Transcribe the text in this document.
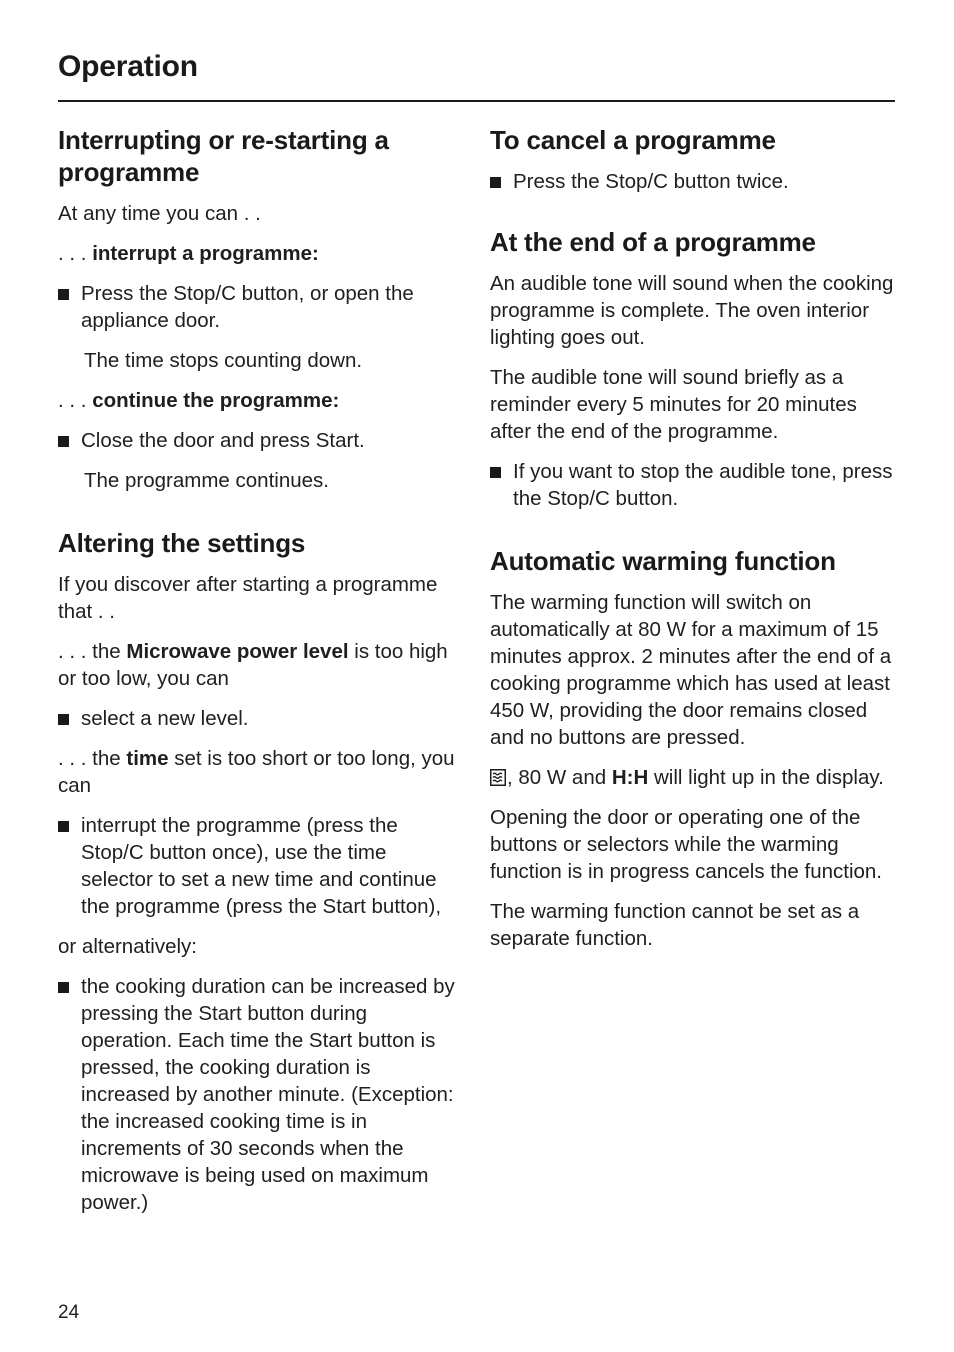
Operation
Interrupting or re-starting a programme

At any time you can . .

. . . interrupt a programme:

Press the Stop/C button, or open the appliance door.

The time stops counting down.

. . . continue the programme:

Close the door and press Start.

The programme continues.

Altering the settings

If you discover after starting a programme that . .

. . . the Microwave power level is too high or too low, you can

select a new level.

. . . the time set is too short or too long, you can

interrupt the programme (press the Stop/C button once), use the time selector to set a new time and continue the programme (press the Start button),

or alternatively:

the cooking duration can be increased by pressing the Start button during operation. Each time the Start button is pressed, the cooking duration is increased by another minute. (Exception: the increased cooking time is in increments of 30 seconds when the microwave is being used on maximum power.)
To cancel a programme
Press the Stop/C button twice.
At the end of a programme

An audible tone will sound when the cooking programme is complete. The oven interior lighting goes out.

The audible tone will sound briefly as a reminder every 5 minutes for 20 minutes after the end of the programme.

If you want to stop the audible tone, press the Stop/C button.
Automatic warming function

The warming function will switch on automatically at 80 W for a maximum of 15 minutes approx. 2 minutes after the end of a cooking programme which has used at least 450 W, providing the door remains closed and no buttons are pressed.

, 80 W and H:H will light up in the display.

Opening the door or operating one of the buttons or selectors while the warming function is in progress cancels the function.

The warming function cannot be set as a separate function.

24
